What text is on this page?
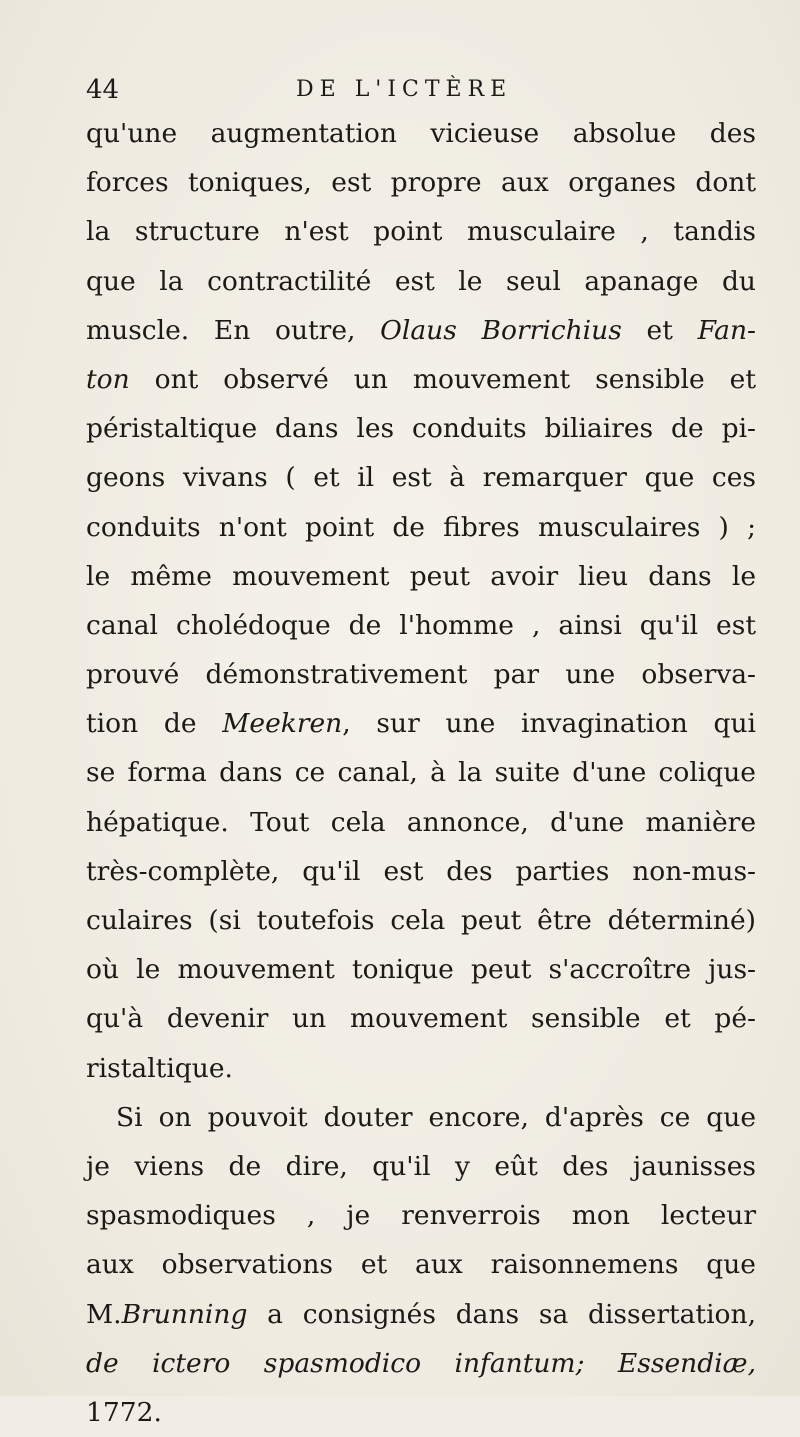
44	DE L'ICTÈRE
qu'une augmentation vicieuse absolue des
forces toniques, est propre aux organes dont
la structure n'est point musculaire , tandis
que la contractilité est le seul apanage du
muscle. En outre, Olaus Borrichius et Fan-
ton ont observé un mouvement sensible et
péristaltique dans les conduits biliaires de pi-
geons vivans ( et il est à remarquer que ces
conduits n'ont point de fibres musculaires ) ;
le même mouvement peut avoir lieu dans le
canal cholédoque de l'homme , ainsi qu'il est
prouvé démonstrativement par une observa-
tion de Meekren, sur une invagination qui
se forma dans ce canal, à la suite d'une colique
hépatique. Tout cela annonce, d'une manière
très-complète, qu'il est des parties non-mus-
culaires (si toutefois cela peut être déterminé)
où le mouvement tonique peut s'accroître jus-
qu'à devenir un mouvement sensible et pé-
ristaltique.
Si on pouvoit douter encore, d'après ce que
je viens de dire, qu'il y eût des jaunisses
spasmodiques , je renverrois mon lecteur
aux observations et aux raisonnemens que
M.Brunning a consignés dans sa dissertation,
de ictero spasmodico infantum; Essendiæ,
1772.
